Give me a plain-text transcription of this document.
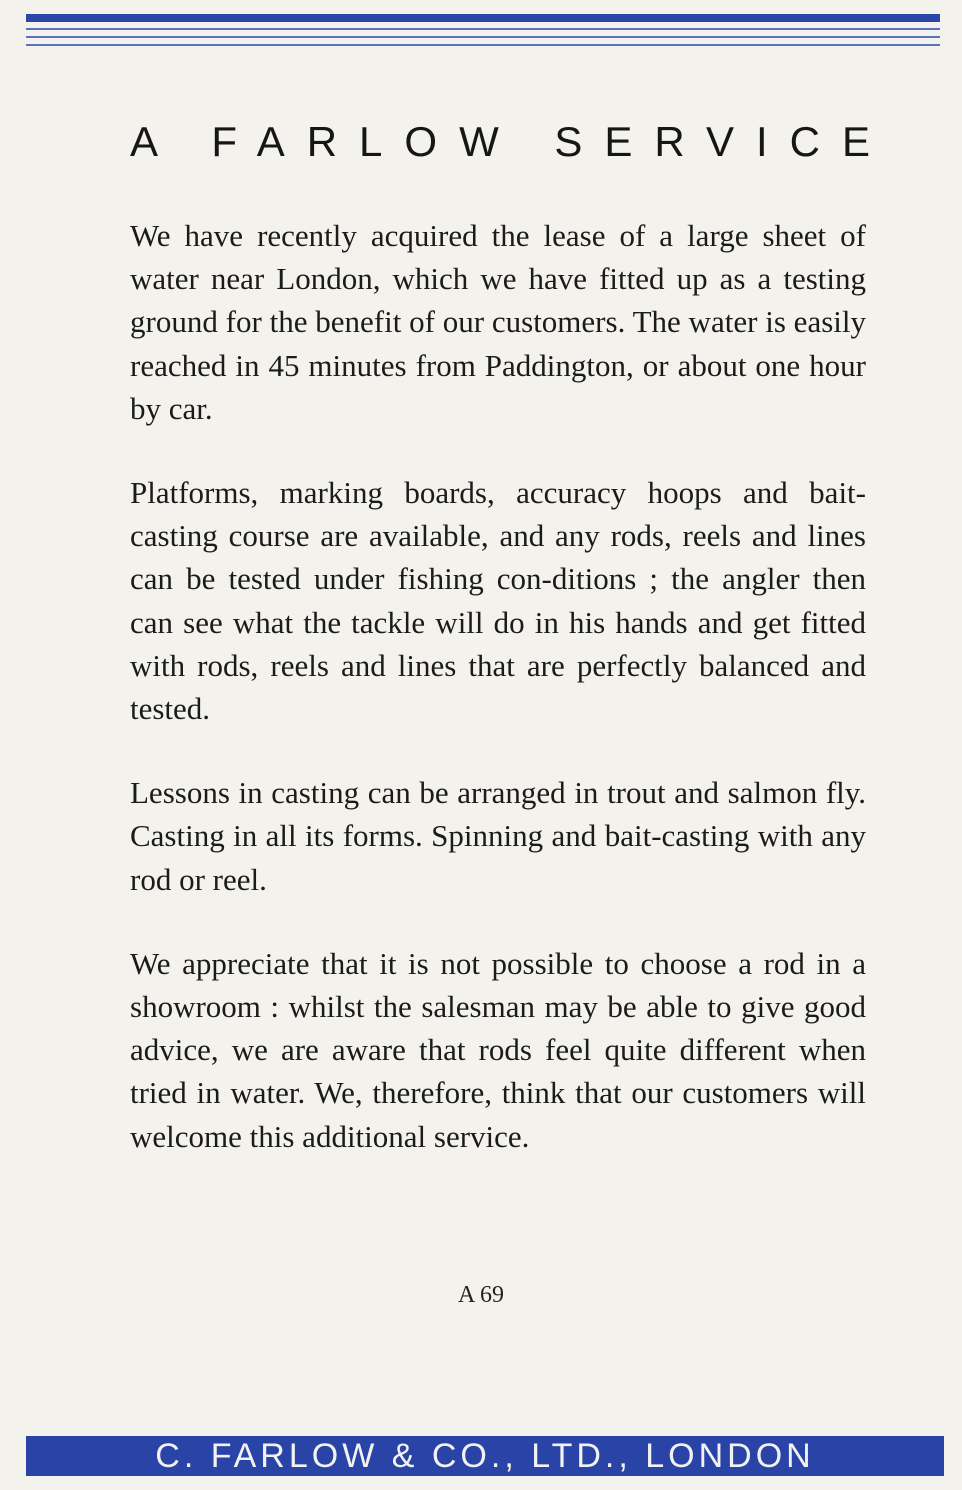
A FARLOW SERVICE

We have recently acquired the lease of a large sheet of water near London, which we have fitted up as a testing ground for the benefit of our customers. The water is easily reached in 45 minutes from Paddington, or about one hour by car.

Platforms, marking boards, accuracy hoops and bait-casting course are available, and any rods, reels and lines can be tested under fishing con-ditions ; the angler then can see what the tackle will do in his hands and get fitted with rods, reels and lines that are perfectly balanced and tested.

Lessons in casting can be arranged in trout and salmon fly. Casting in all its forms. Spinning and bait-casting with any rod or reel.

We appreciate that it is not possible to choose a rod in a showroom : whilst the salesman may be able to give good advice, we are aware that rods feel quite different when tried in water. We, therefore, think that our customers will welcome this additional service.

A 69
C. FARLOW & CO., LTD., LONDON
